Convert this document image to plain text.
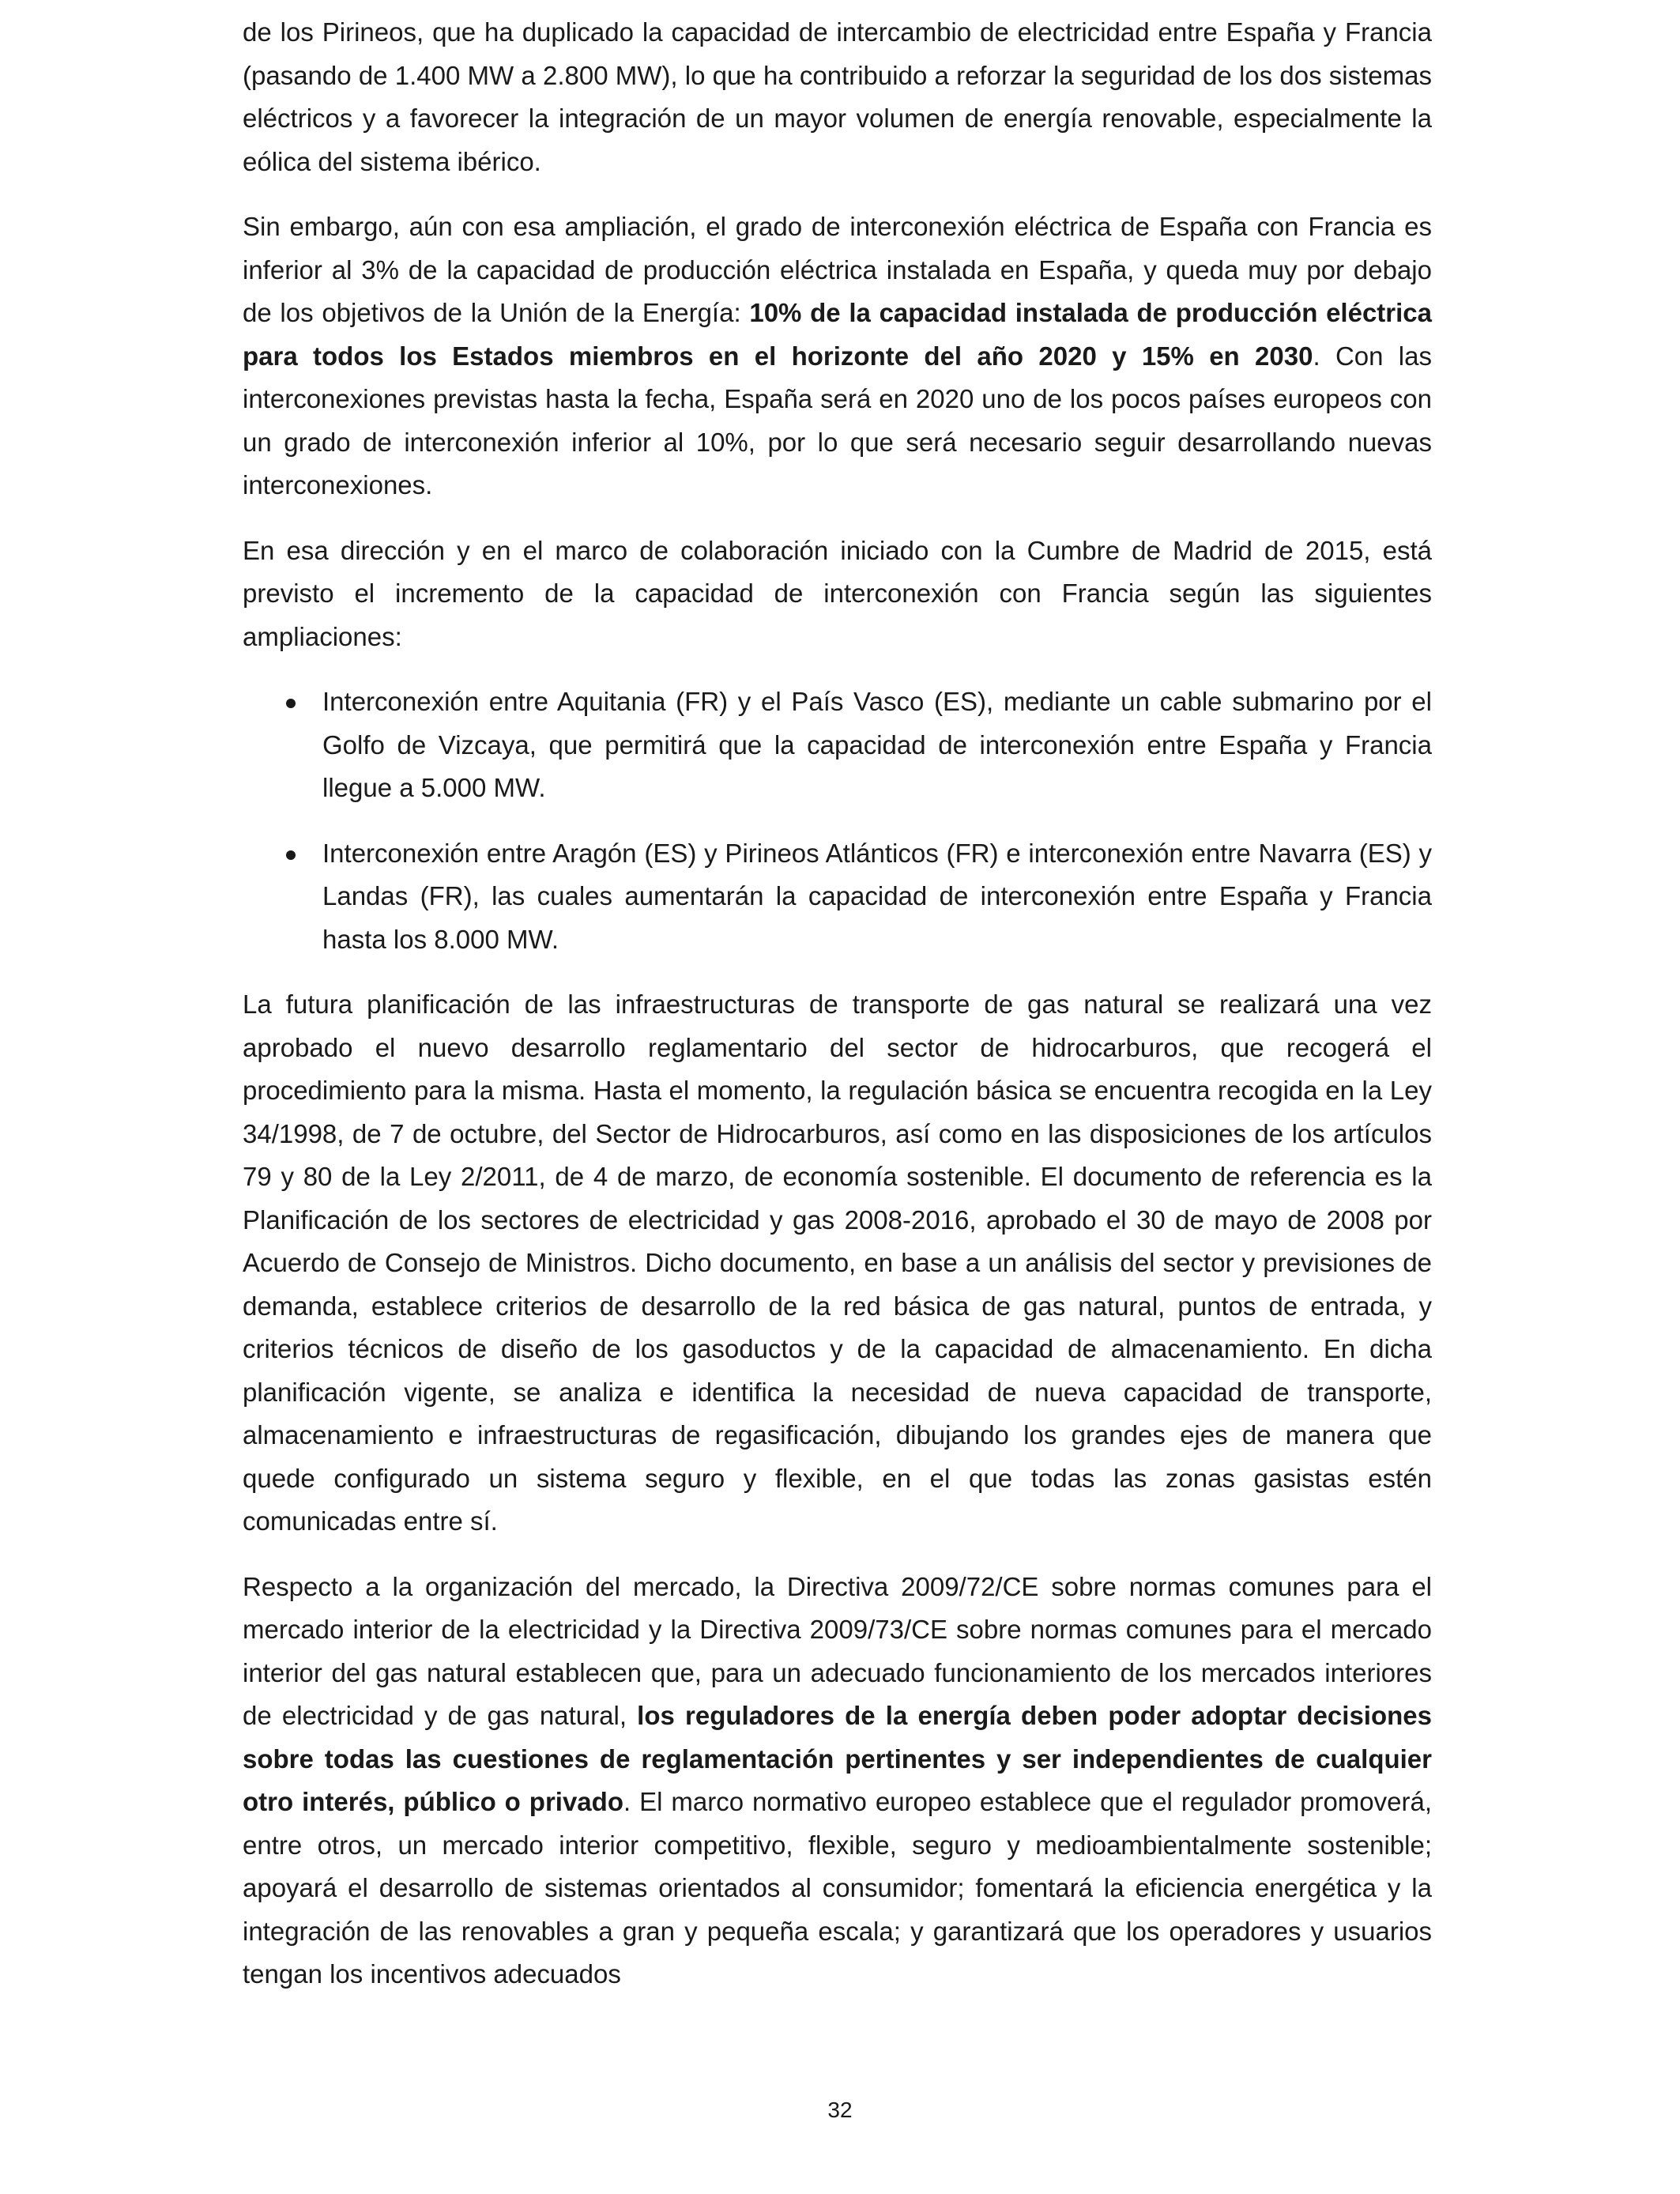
de los Pirineos, que ha duplicado la capacidad de intercambio de electricidad entre España y Francia (pasando de 1.400 MW a 2.800 MW), lo que ha contribuido a reforzar la seguridad de los dos sistemas eléctricos y a favorecer la integración de un mayor volumen de energía renovable, especialmente la eólica del sistema ibérico.

Sin embargo, aún con esa ampliación, el grado de interconexión eléctrica de España con Francia es inferior al 3% de la capacidad de producción eléctrica instalada en España, y queda muy por debajo de los objetivos de la Unión de la Energía: 10% de la capacidad instalada de producción eléctrica para todos los Estados miembros en el horizonte del año 2020 y 15% en 2030. Con las interconexiones previstas hasta la fecha, España será en 2020 uno de los pocos países europeos con un grado de interconexión inferior al 10%, por lo que será necesario seguir desarrollando nuevas interconexiones.

En esa dirección y en el marco de colaboración iniciado con la Cumbre de Madrid de 2015, está previsto el incremento de la capacidad de interconexión con Francia según las siguientes ampliaciones:

Interconexión entre Aquitania (FR) y el País Vasco (ES), mediante un cable submarino por el Golfo de Vizcaya, que permitirá que la capacidad de interconexión entre España y Francia llegue a 5.000 MW.
Interconexión entre Aragón (ES) y Pirineos Atlánticos (FR) e interconexión entre Navarra (ES) y Landas (FR), las cuales aumentarán la capacidad de interconexión entre España y Francia hasta los 8.000 MW.

La futura planificación de las infraestructuras de transporte de gas natural se realizará una vez aprobado el nuevo desarrollo reglamentario del sector de hidrocarburos, que recogerá el procedimiento para la misma. Hasta el momento, la regulación básica se encuentra recogida en la Ley 34/1998, de 7 de octubre, del Sector de Hidrocarburos, así como en las disposiciones de los artículos 79 y 80 de la Ley 2/2011, de 4 de marzo, de economía sostenible. El documento de referencia es la Planificación de los sectores de electricidad y gas 2008-2016, aprobado el 30 de mayo de 2008 por Acuerdo de Consejo de Ministros. Dicho documento, en base a un análisis del sector y previsiones de demanda, establece criterios de desarrollo de la red básica de gas natural, puntos de entrada, y criterios técnicos de diseño de los gasoductos y de la capacidad de almacenamiento. En dicha planificación vigente, se analiza e identifica la necesidad de nueva capacidad de transporte, almacenamiento e infraestructuras de regasificación, dibujando los grandes ejes de manera que quede configurado un sistema seguro y flexible, en el que todas las zonas gasistas estén comunicadas entre sí.

Respecto a la organización del mercado, la Directiva 2009/72/CE sobre normas comunes para el mercado interior de la electricidad y la Directiva 2009/73/CE sobre normas comunes para el mercado interior del gas natural establecen que, para un adecuado funcionamiento de los mercados interiores de electricidad y de gas natural, los reguladores de la energía deben poder adoptar decisiones sobre todas las cuestiones de reglamentación pertinentes y ser independientes de cualquier otro interés, público o privado. El marco normativo europeo establece que el regulador promoverá, entre otros, un mercado interior competitivo, flexible, seguro y medioambientalmente sostenible; apoyará el desarrollo de sistemas orientados al consumidor; fomentará la eficiencia energética y la integración de las renovables a gran y pequeña escala; y garantizará que los operadores y usuarios tengan los incentivos adecuados

32
